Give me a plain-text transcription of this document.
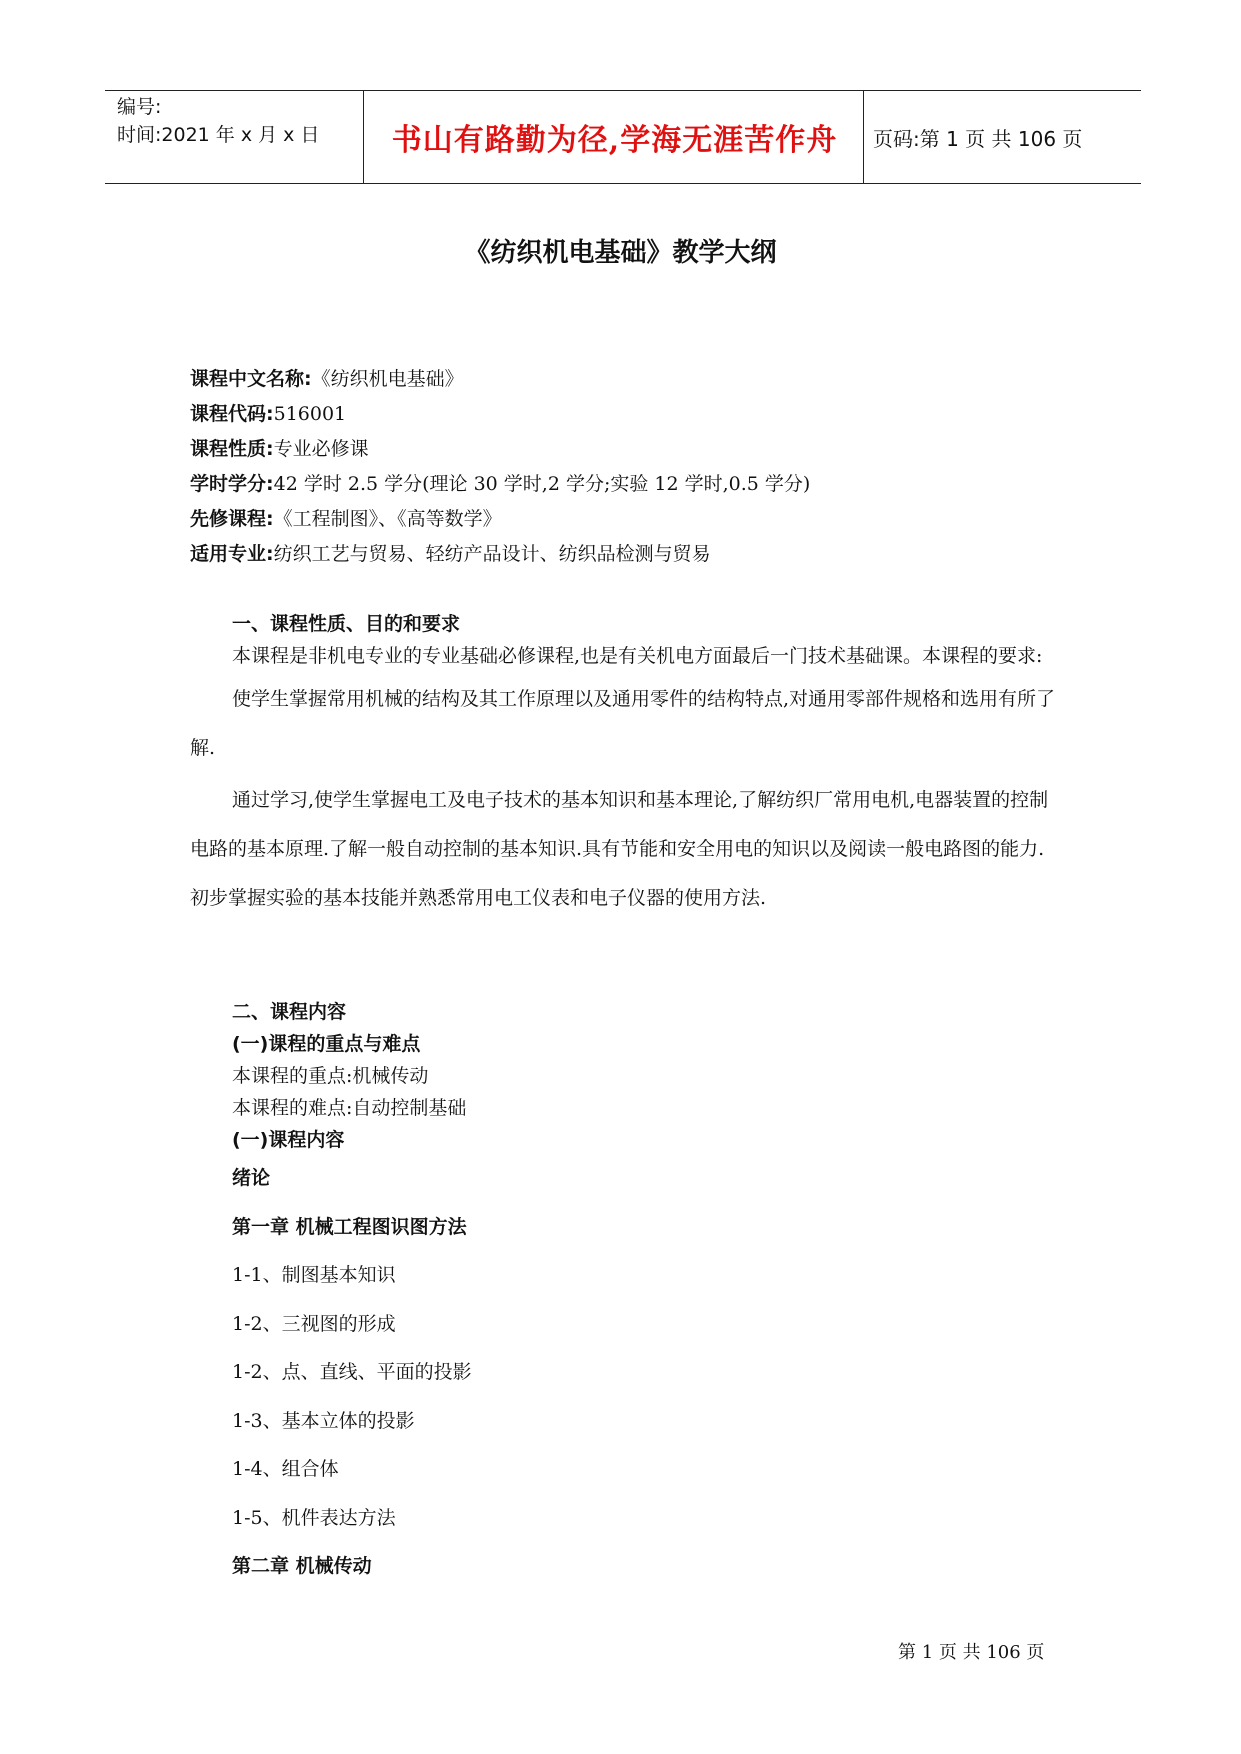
编号:
时间:2021 年 x 月 x 日	书山有路勤为径,学海无涯苦作舟	页码:第 1 页 共 106 页
《纺织机电基础》教学大纲
课程中文名称:《纺织机电基础》
课程代码:516001
课程性质:专业必修课
学时学分:42 学时 2.5 学分(理论 30 学时,2 学分;实验 12 学时,0.5 学分)
先修课程:《工程制图》、《高等数学》
适用专业:纺织工艺与贸易、轻纺产品设计、纺织品检测与贸易
一、课程性质、目的和要求
本课程是非机电专业的专业基础必修课程,也是有关机电方面最后一门技术基础课。本课程的要求:
使学生掌握常用机械的结构及其工作原理以及通用零件的结构特点,对通用零部件规格和选用有所了解.
通过学习,使学生掌握电工及电子技术的基本知识和基本理论,了解纺织厂常用电机,电器装置的控制电路的基本原理.了解一般自动控制的基本知识.具有节能和安全用电的知识以及阅读一般电路图的能力.初步掌握实验的基本技能并熟悉常用电工仪表和电子仪器的使用方法.
二、课程内容
(一)课程的重点与难点
本课程的重点:机械传动
本课程的难点:自动控制基础
(一)课程内容
绪论
第一章 机械工程图识图方法
1-1、制图基本知识
1-2、三视图的形成
1-2、点、直线、平面的投影
1-3、基本立体的投影
1-4、组合体
1-5、机件表达方法
第二章 机械传动
第 1 页 共 106 页
